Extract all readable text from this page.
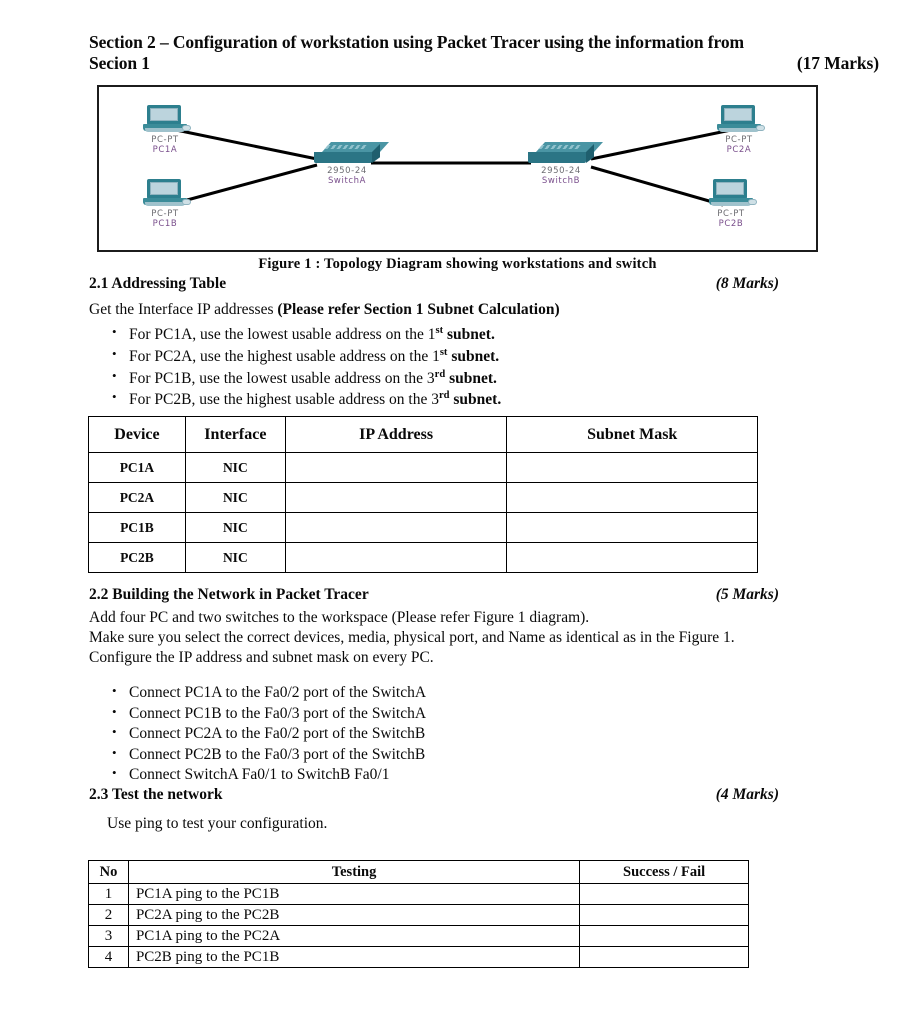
Section 2 – Configuration of workstation using Packet Tracer using the information from
(17 Marks)
Secion 1
PC-PT
PC1A
PC-PT
PC1B
2950-24
SwitchA
2950-24
SwitchB
PC-PT
PC2A
PC-PT
PC2B
Figure 1 : Topology Diagram showing workstations and switch
2.1 Addressing Table	(8 Marks)
Get the Interface IP addresses (Please refer Section 1 Subnet Calculation)
• For PC1A, use the lowest usable address on the 1st subnet.
• For PC2A, use the highest usable address on the 1st subnet.
• For PC1B, use the lowest usable address on the 3rd subnet.
• For PC2B, use the highest usable address on the 3rd subnet.
Device	Interface	IP Address	Subnet Mask
PC1A	NIC		
PC2A	NIC		
PC1B	NIC		
PC2B	NIC		
2.2 Building the Network in Packet Tracer	(5 Marks)
Add four PC and two switches to the workspace (Please refer Figure 1 diagram).
Make sure you select the correct devices, media, physical port, and Name as identical as in the Figure 1.
Configure the IP address and subnet mask on every PC.
• Connect PC1A to the Fa0/2 port of the SwitchA
• Connect PC1B to the Fa0/3 port of the SwitchA
• Connect PC2A to the Fa0/2 port of the SwitchB
• Connect PC2B to the Fa0/3 port of the SwitchB
• Connect SwitchA Fa0/1 to SwitchB Fa0/1
2.3 Test the network	(4 Marks)
Use ping to test your configuration.
No	Testing	Success / Fail
1	PC1A ping to the PC1B	
2	PC2A ping to the PC2B	
3	PC1A ping to the PC2A	
4	PC2B ping to the PC1B	
